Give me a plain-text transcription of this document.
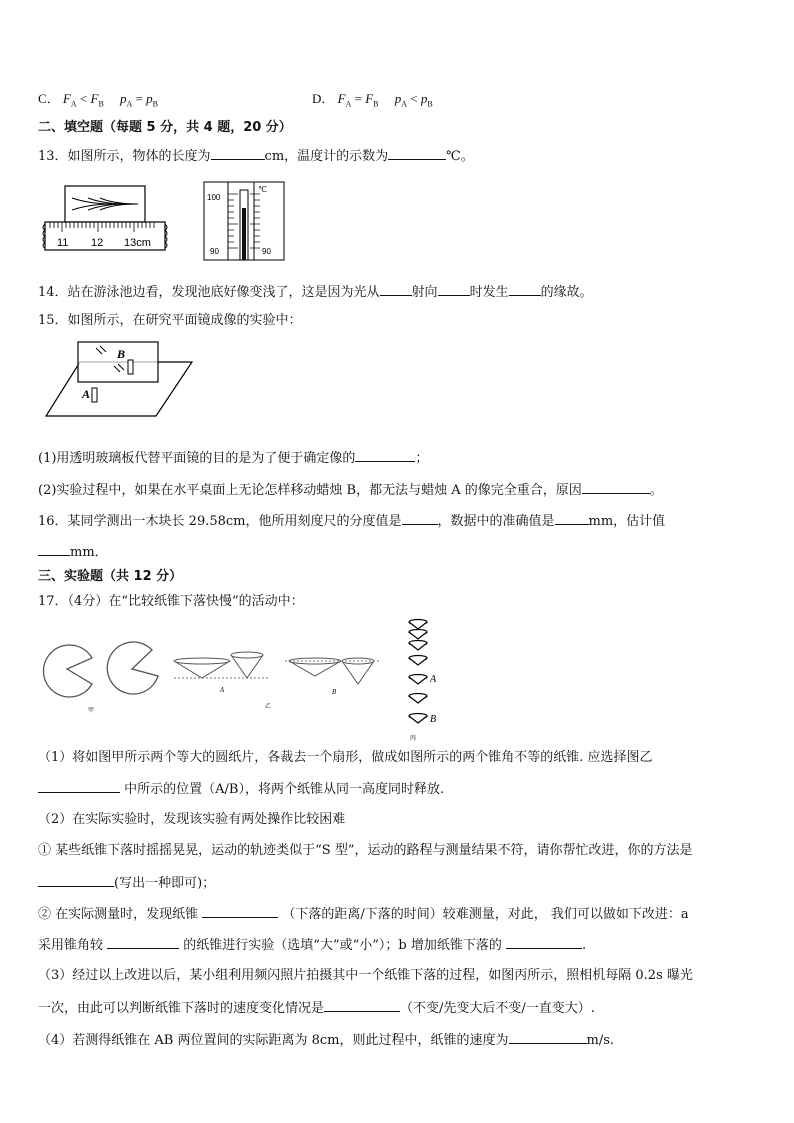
C． $F_A < F_B$ $p_A = p_B$	D． $F_A = F_B$ $p_A < p_B$
二、填空题（每题 5 分，共 4 题，20 分）
13．如图所示，物体的长度为	cm，温度计的示数为	℃。
11 12 13cm
100
℃
90	90
14．站在游泳池边看，发现池底好像变浅了，这是因为光从 射向 时发生 的缘故。
15．如图所示，在研究平面镜成像的实验中：
B
A
(1)用透明玻璃板代替平面镜的目的是为了便于确定像的	；
(2)实验过程中，如果在水平桌面上无论怎样移动蜡烛 B，都无法与蜡烛 A 的像完全重合，原因	。
16．某同学测出一木块长 29.58cm，他所用刻度尺的分度值是	，数据中的准确值是	mm，估计值
mm．
三、实验题（共 12 分）
17．（4分）在“比较纸锥下落快慢”的活动中：
甲
A	B
乙
A
B
丙
（1）将如图甲所示两个等大的圆纸片，各裁去一个扇形，做成如图所示的两个锥角不等的纸锥. 应选择图乙
中所示的位置（A/B），将两个纸锥从同一高度同时释放.
（2）在实际实验时，发现该实验有两处操作比较困难
① 某些纸锥下落时摇摇晃晃，运动的轨迹类似于“S 型”，运动的路程与测量结果不符，请你帮忙改进，你的方法是
(写出一种即可)；
② 在实际测量时，发现纸锥	（下落的距离/下落的时间）较难测量，对此， 我们可以做如下改进：a
采用锥角较	的纸锥进行实验（选填“大”或“小”）；b 增加纸锥下落的	.
（3）经过以上改进以后，某小组利用频闪照片拍摄其中一个纸锥下落的过程，如图丙所示，照相机每隔 0.2s 曝光
一次，由此可以判断纸锥下落时的速度变化情况是	（不变/先变大后不变/一直变大）.
（4）若测得纸锥在 AB 两位置间的实际距离为 8cm，则此过程中，纸锥的速度为	m/s.
